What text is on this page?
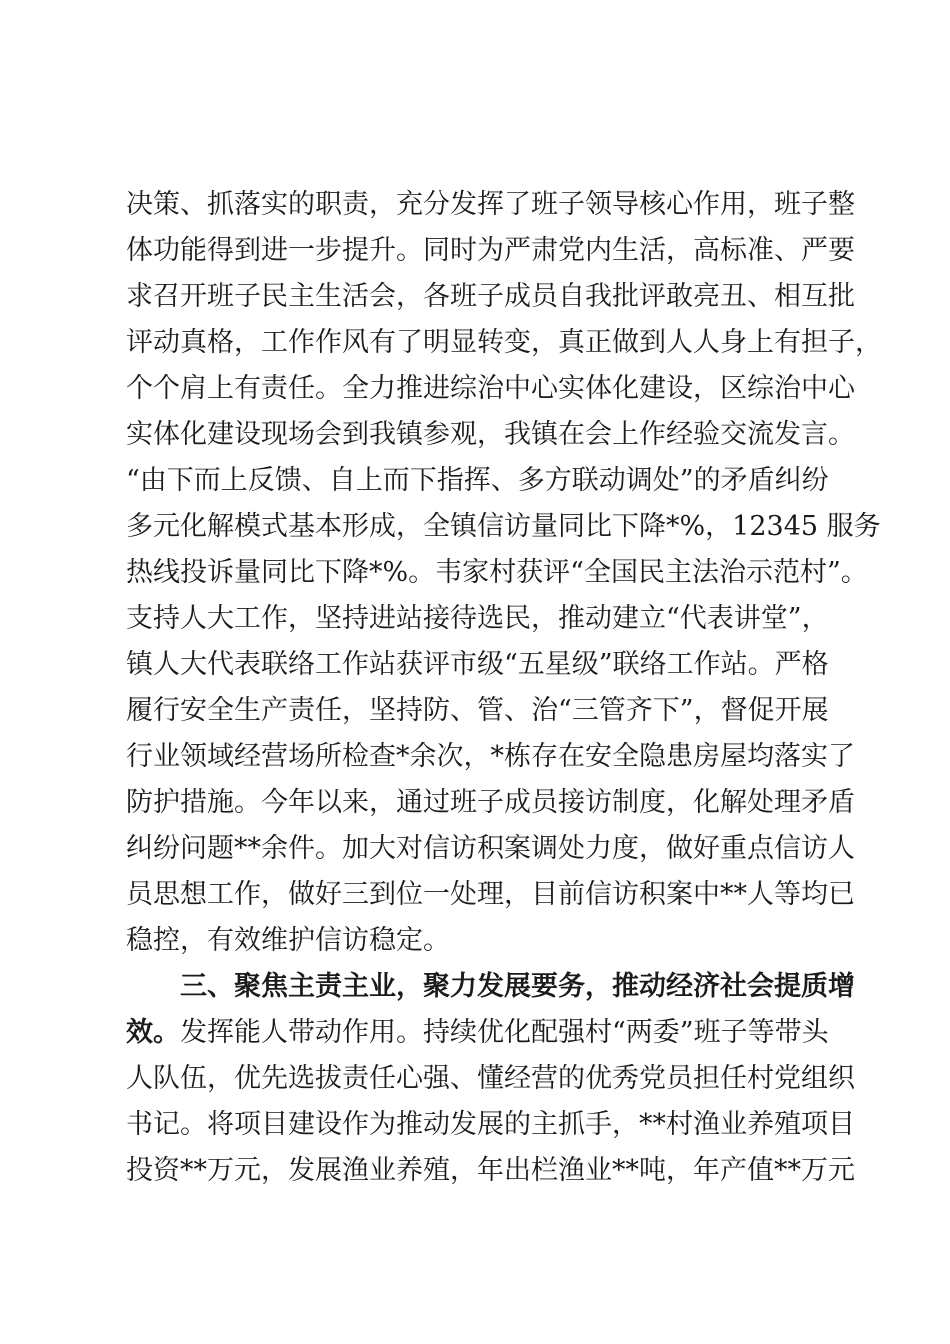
决策、抓落实的职责，充分发挥了班子领导核心作用，班子整
体功能得到进一步提升。同时为严肃党内生活，高标准、严要
求召开班子民主生活会，各班子成员自我批评敢亮丑、相互批
评动真格，工作作风有了明显转变，真正做到人人身上有担子，
个个肩上有责任。全力推进综治中心实体化建设，区综治中心
实体化建设现场会到我镇参观，我镇在会上作经验交流发言。
“由下而上反馈、自上而下指挥、多方联动调处”的矛盾纠纷
多元化解模式基本形成，全镇信访量同比下降*%，12345 服务
热线投诉量同比下降*%。韦家村获评“全国民主法治示范村”。
支持人大工作，坚持进站接待选民，推动建立“代表讲堂”，
镇人大代表联络工作站获评市级“五星级”联络工作站。严格
履行安全生产责任，坚持防、管、治“三管齐下”，督促开展
行业领域经营场所检查*余次，*栋存在安全隐患房屋均落实了
防护措施。今年以来，通过班子成员接访制度，化解处理矛盾
纠纷问题**余件。加大对信访积案调处力度，做好重点信访人
员思想工作，做好三到位一处理，目前信访积案中**人等均已
稳控，有效维护信访稳定。
三、聚焦主责主业，聚力发展要务，推动经济社会提质增
效。发挥能人带动作用。持续优化配强村“两委”班子等带头
人队伍，优先选拔责任心强、懂经营的优秀党员担任村党组织
书记。将项目建设作为推动发展的主抓手，**村渔业养殖项目
投资**万元，发展渔业养殖，年出栏渔业**吨，年产值**万元
